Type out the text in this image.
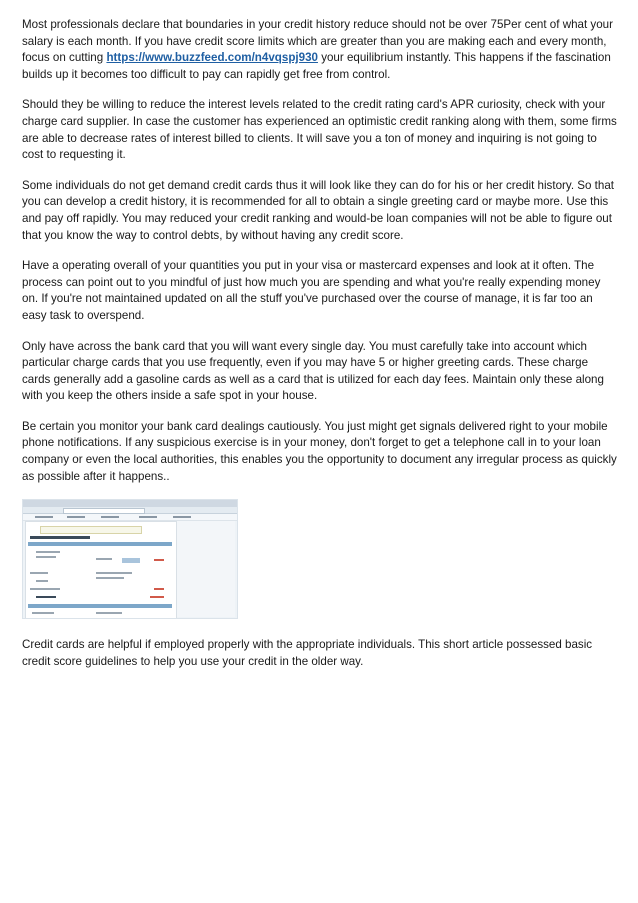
Most professionals declare that boundaries in your credit history reduce should not be over 75Per cent of what your salary is each month. If you have credit score limits which are greater than you are making each and every month, focus on cutting https://www.buzzfeed.com/n4vqspj930 your equilibrium instantly. This happens if the fascination builds up it becomes too difficult to pay can rapidly get free from control.

Should they be willing to reduce the interest levels related to the credit rating card's APR curiosity, check with your charge card supplier. In case the customer has experienced an optimistic credit ranking along with them, some firms are able to decrease rates of interest billed to clients. It will save you a ton of money and inquiring is not going to cost to requesting it.

Some individuals do not get demand credit cards thus it will look like they can do for his or her credit history. So that you can develop a credit history, it is recommended for all to obtain a single greeting card or maybe more. Use this and pay off rapidly. You may reduced your credit ranking and would-be loan companies will not be able to figure out that you know the way to control debts, by without having any credit score.

Have a operating overall of your quantities you put in your visa or mastercard expenses and look at it often. The process can point out to you mindful of just how much you are spending and what you're really expending money on. If you're not maintained updated on all the stuff you've purchased over the course of manage, it is far too an easy task to overspend.

Only have across the bank card that you will want every single day. You must carefully take into account which particular charge cards that you use frequently, even if you may have 5 or higher greeting cards. These charge cards generally add a gasoline cards as well as a card that is utilized for each day fees. Maintain only these along with you keep the others inside a safe spot in your house.

Be certain you monitor your bank card dealings cautiously. You just might get signals delivered right to your mobile phone notifications. If any suspicious exercise is in your money, don't forget to get a telephone call in to your loan company or even the local authorities, this enables you the opportunity to document any irregular process as quickly as possible after it happens..

Credit cards are helpful if employed properly with the appropriate individuals. This short article possessed basic credit score guidelines to help you use your credit in the older way.
